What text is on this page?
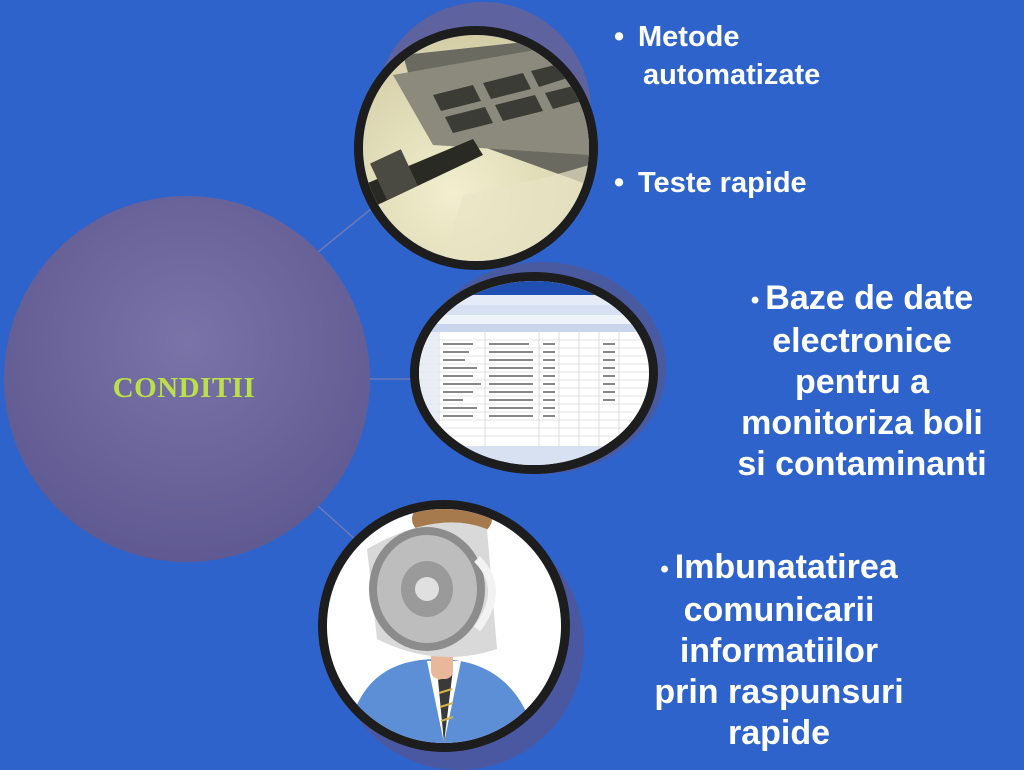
CONDITII
• Metode
automatizate
• Teste rapide
• Baze de date
electronice
pentru a
monitoriza boli
si contaminanti
• Imbunatatirea
comunicarii
informatiilor
prin raspunsuri
rapide
